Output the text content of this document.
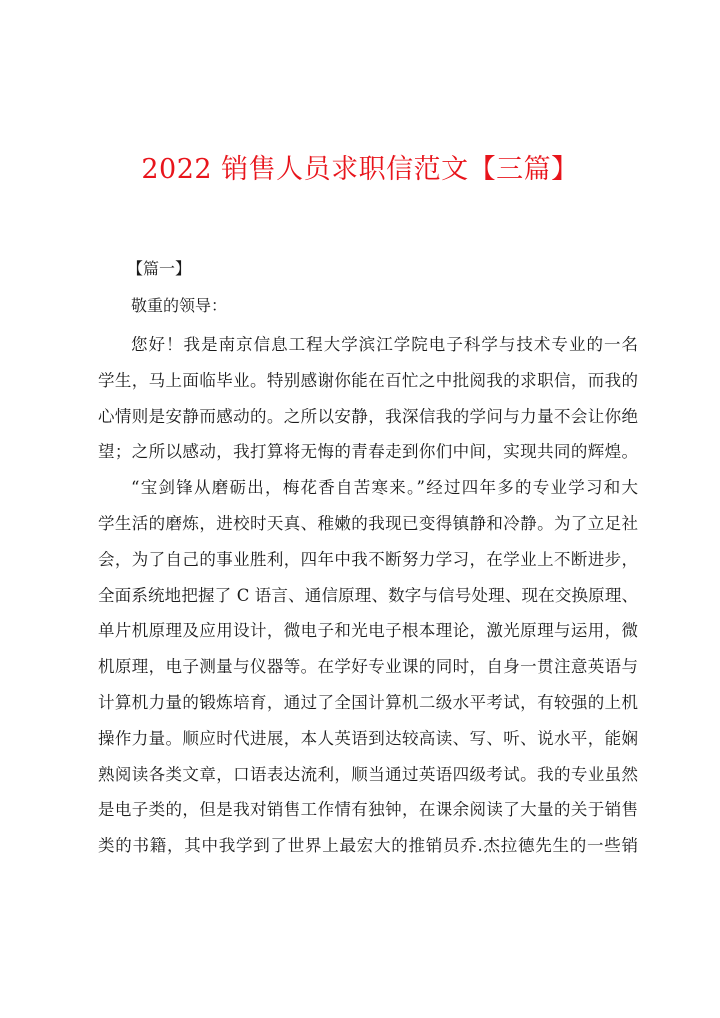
2022 销售人员求职信范文【三篇】

【篇一】

敬重的领导：

您好！我是南京信息工程大学滨江学院电子科学与技术专业的一名
学生，马上面临毕业。特别感谢你能在百忙之中批阅我的求职信，而我的
心情则是安静而感动的。之所以安静，我深信我的学问与力量不会让你绝
望；之所以感动，我打算将无悔的青春走到你们中间，实现共同的辉煌。

“宝剑锋从磨砺出，梅花香自苦寒来。”经过四年多的专业学习和大
学生活的磨炼，进校时天真、稚嫩的我现已变得镇静和冷静。为了立足社
会，为了自己的事业胜利，四年中我不断努力学习，在学业上不断进步，
全面系统地把握了 C 语言、通信原理、数字与信号处理、现在交换原理、
单片机原理及应用设计，微电子和光电子根本理论，激光原理与运用，微
机原理，电子测量与仪器等。在学好专业课的同时，自身一贯注意英语与
计算机力量的锻炼培育，通过了全国计算机二级水平考试，有较强的上机
操作力量。顺应时代进展，本人英语到达较高读、写、听、说水平，能娴
熟阅读各类文章，口语表达流利，顺当通过英语四级考试。我的专业虽然
是电子类的，但是我对销售工作情有独钟，在课余阅读了大量的关于销售
类的书籍，其中我学到了世界上最宏大的推销员乔.杰拉德先生的一些销
